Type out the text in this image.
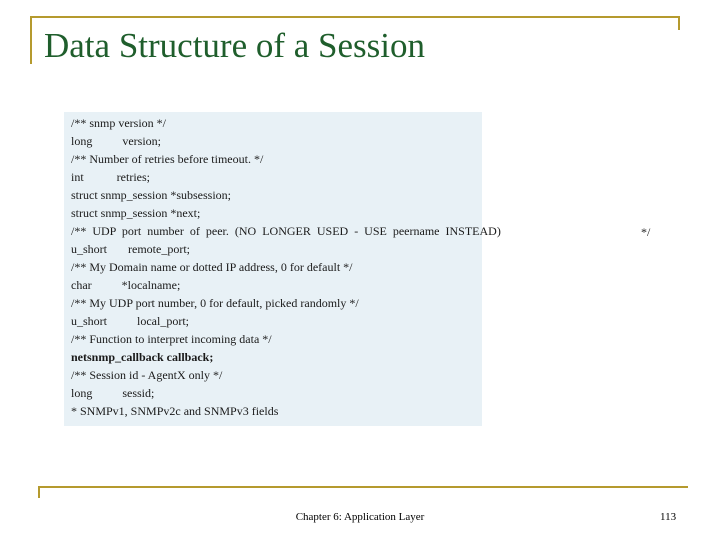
Data Structure of a Session
/** snmp version */
long          version;
/** Number of retries before timeout. */
int           retries;
struct snmp_session *subsession;
struct snmp_session *next;
/**  UDP  port  number  of  peer.  (NO  LONGER  USED  -  USE  peername  INSTEAD)
u_short       remote_port;
/** My Domain name or dotted IP address, 0 for default */
char          *localname;
/** My UDP port number, 0 for default, picked randomly */
u_short          local_port;
/** Function to interpret incoming data */
netsnmp_callback callback;
/** Session id - AgentX only */
long          sessid;
* SNMPv1, SNMPv2c and SNMPv3 fields
*/
Chapter 6: Application Layer	113
